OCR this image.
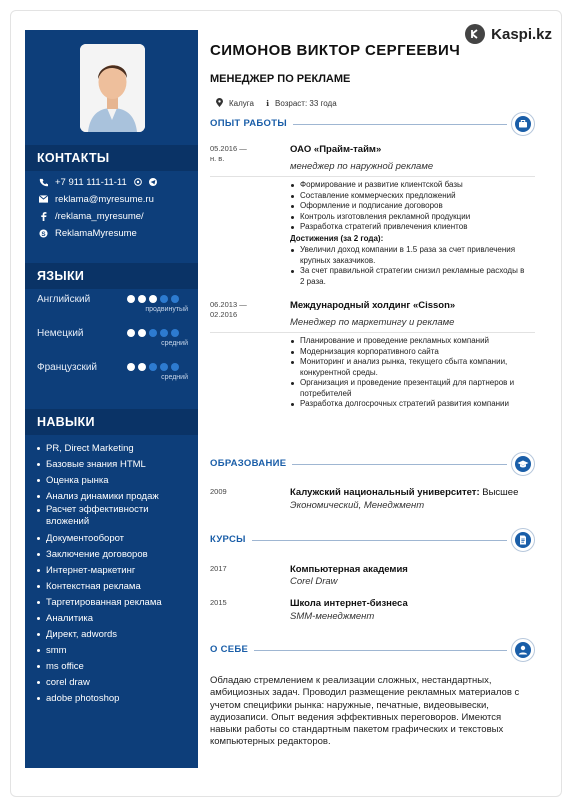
Kaspi.kz
КОНТАКТЫ
+7 911 111-11-11
reklama@myresume.ru
/reklama_myresume/
S ReklamaMyresume
ЯЗЫКИ
Английский
продвинутый
Немецкий
средний
Французский
средний
НАВЫКИ
PR, Direct Marketing
Базовые знания HTML
Оценка рынка
Анализ динамики продаж
Расчет эффективности вложений
Документооборот
Заключение договоров
Интернет-маркетинг
Контекстная реклама
Таргетированная реклама
Аналитика
Директ, adwords
smm
ms office
corel draw
adobe photoshop
СИМОНОВ ВИКТОР СЕРГЕЕВИЧ
МЕНЕДЖЕР ПО РЕКЛАМЕ
Калуга ℹ Возраст: 33 года
ОПЫТ РАБОТЫ
05.2016 —
н. в.
ОАО «Прайм-тайм»
менеджер по наружной рекламе
Формирование и развитие клиентской базы
Составление коммерческих предложений
Оформление и подписание договоров
Контроль изготовления рекламной продукции
Разработка стратегий привлечения клиентов
Достижения (за 2 года):
Увеличил доход компании в 1.5 раза за счет привлечения крупных заказчиков.
За счет правильной стратегии снизил рекламные расходы в 2 раза.
06.2013 —
02.2016
Международный холдинг «Cisson»
Менеджер по маркетингу и рекламе
Планирование и проведение рекламных компаний
Модернизация корпоративного сайта
Мониторинг и анализ рынка, текущего сбыта компании, конкурентной среды.
Организация и проведение презентаций для партнеров и потребителей
Разработка долгосрочных стратегий развития компании
ОБРАЗОВАНИЕ
2009	Калужский национальный университет: Высшее
Экономический, Менеджмент
КУРСЫ
2017	Компьютерная академия
Corel Draw
2015	Школа интернет-бизнеса
SMM-менеджмент
О СЕБЕ
Обладаю стремлением к реализации сложных, нестандартных, амбициозных задач. Проводил размещение рекламных материалов с учетом специфики рынка: наружные, печатные, видеовывески, аудиозаписи. Опыт ведения эффективных переговоров. Имеются навыки работы со стандартным пакетом графических и текстовых компьютерных редакторов.
